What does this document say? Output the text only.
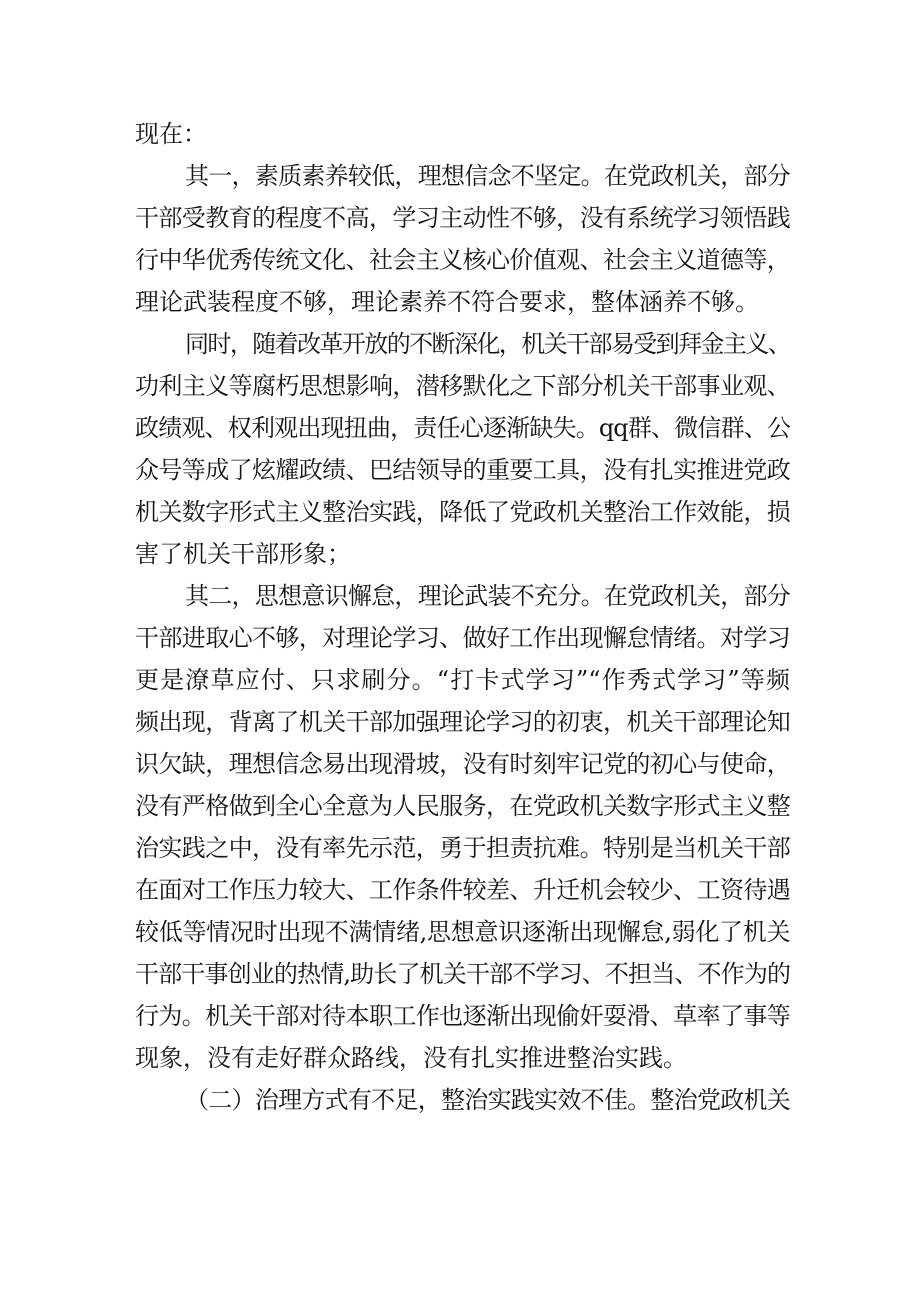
现在：
其一，素质素养较低，理想信念不坚定。在党政机关，部分
干部受教育的程度不高，学习主动性不够，没有系统学习领悟践
行中华优秀传统文化、社会主义核心价值观、社会主义道德等，
理论武装程度不够，理论素养不符合要求，整体涵养不够。
同时，随着改革开放的不断深化，机关干部易受到拜金主义、
功利主义等腐朽思想影响，潜移默化之下部分机关干部事业观、
政绩观、权利观出现扭曲，责任心逐渐缺失。qq群、微信群、公
众号等成了炫耀政绩、巴结领导的重要工具，没有扎实推进党政
机关数字形式主义整治实践，降低了党政机关整治工作效能，损
害了机关干部形象；
其二，思想意识懈怠，理论武装不充分。在党政机关，部分
干部进取心不够，对理论学习、做好工作出现懈怠情绪。对学习
更是潦草应付、只求刷分。“打卡式学习”“作秀式学习”等频
频出现，背离了机关干部加强理论学习的初衷，机关干部理论知
识欠缺，理想信念易出现滑坡，没有时刻牢记党的初心与使命，
没有严格做到全心全意为人民服务，在党政机关数字形式主义整
治实践之中，没有率先示范，勇于担责抗难。特别是当机关干部
在面对工作压力较大、工作条件较差、升迁机会较少、工资待遇
较低等情况时出现不满情绪,思想意识逐渐出现懈怠,弱化了机关
干部干事创业的热情,助长了机关干部不学习、不担当、不作为的
行为。机关干部对待本职工作也逐渐出现偷奸耍滑、草率了事等
现象，没有走好群众路线，没有扎实推进整治实践。
（二）治理方式有不足，整治实践实效不佳。整治党政机关
